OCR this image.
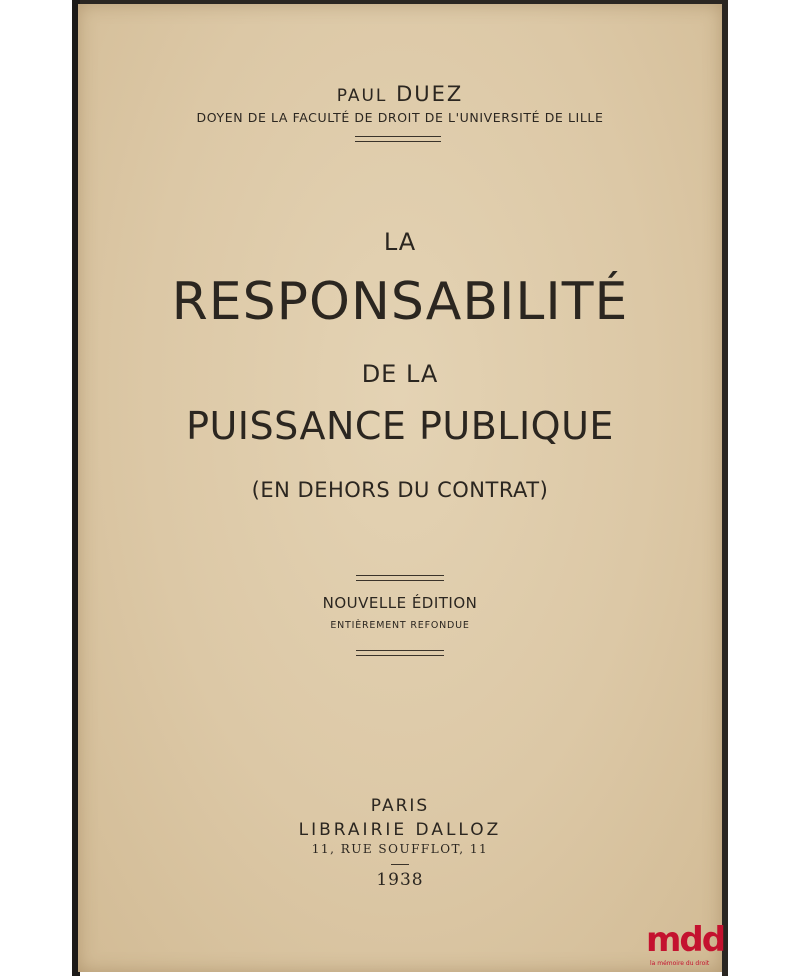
PAUL DUEZ
DOYEN DE LA FACULTÉ DE DROIT DE L'UNIVERSITÉ DE LILLE
LA
RESPONSABILITÉ
DE LA
PUISSANCE PUBLIQUE
(EN DEHORS DU CONTRAT)
NOUVELLE ÉDITION
ENTIÈREMENT REFONDUE
PARIS
LIBRAIRIE DALLOZ
11, RUE SOUFFLOT, 11
1938
mdd
la mémoire du droit
